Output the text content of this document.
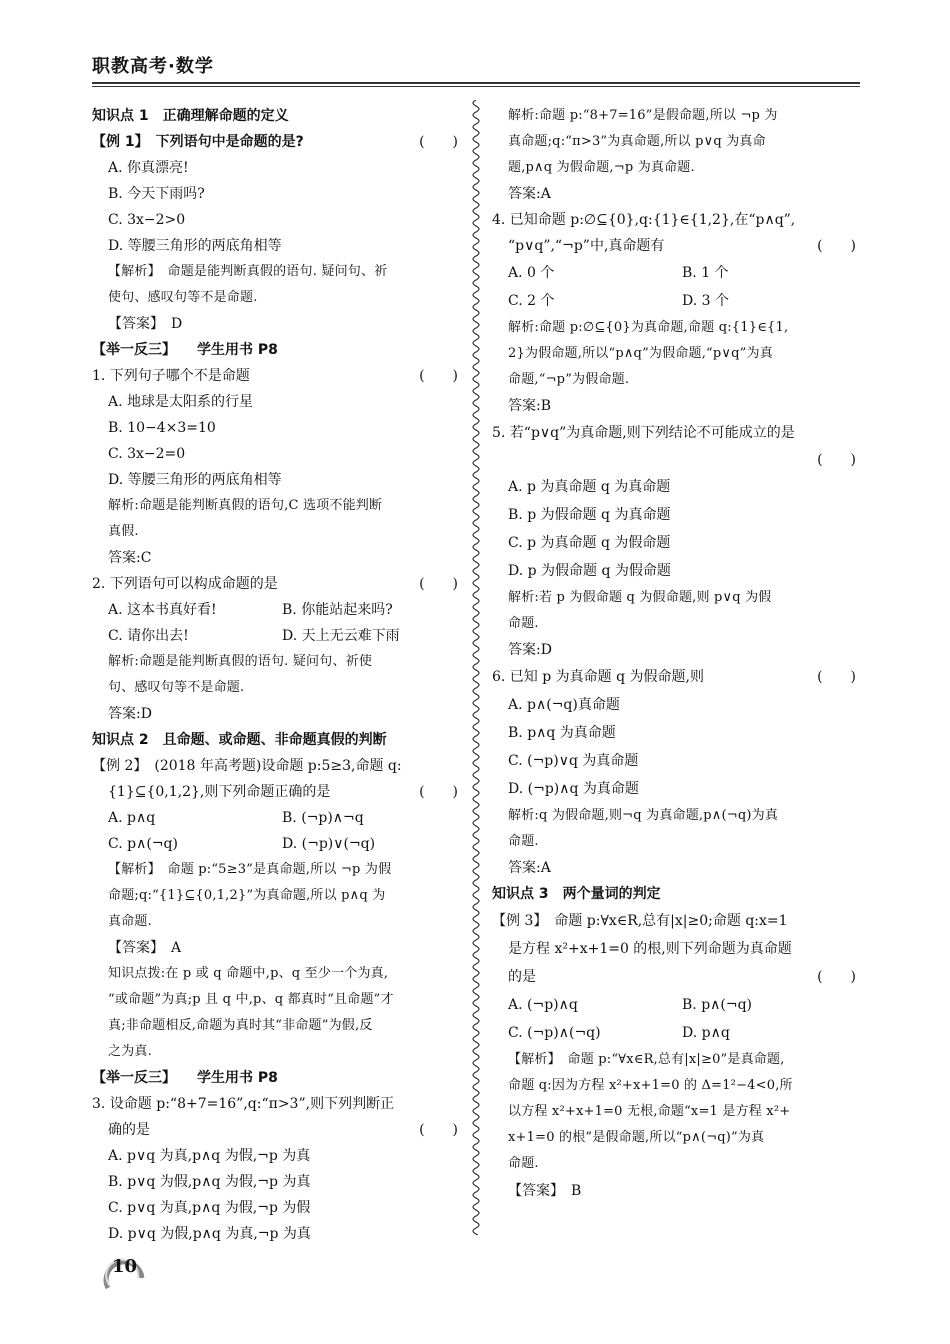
职教高考·数学
知识点 1　正确理解命题的定义
【例 1】　下列语句中是命题的是?	(　　)
A. 你真漂亮!
B. 今天下雨吗?
C. 3x−2>0
D. 等腰三角形的两底角相等
【解析】　命题是能判断真假的语句. 疑问句、祈
使句、感叹句等不是命题.
【答案】　D
【举一反三】　　学生用书 P8
1. 下列句子哪个不是命题	(　　)
A. 地球是太阳系的行星
B. 10−4×3=10
C. 3x−2=0
D. 等腰三角形的两底角相等
解析:命题是能判断真假的语句,C 选项不能判断
真假.
答案:C
2. 下列语句可以构成命题的是	(　　)
A. 这本书真好看!	B. 你能站起来吗?
C. 请你出去!	D. 天上无云难下雨
解析:命题是能判断真假的语句. 疑问句、祈使
句、感叹句等不是命题.
答案:D
知识点 2　且命题、或命题、非命题真假的判断
【例 2】　(2018 年高考题)设命题 p:5≥3,命题 q:
{1}⊆{0,1,2},则下列命题正确的是	(　　)
A. p∧q	B. (¬p)∧¬q
C. p∧(¬q)	D. (¬p)∨(¬q)
【解析】　命题 p:“5≥3”是真命题,所以 ¬p 为假
命题;q:“{1}⊆{0,1,2}”为真命题,所以 p∧q 为
真命题.
【答案】　A
知识点拨:在 p 或 q 命题中,p、q 至少一个为真,
“或命题”为真;p 且 q 中,p、q 都真时“且命题”才
真;非命题相反,命题为真时其“非命题”为假,反
之为真.
【举一反三】　　学生用书 P8
3. 设命题 p:“8+7=16”,q:“π>3”,则下列判断正
确的是	(　　)
A. p∨q 为真,p∧q 为假,¬p 为真
B. p∨q 为假,p∧q 为假,¬p 为真
C. p∨q 为真,p∧q 为假,¬p 为假
D. p∨q 为假,p∧q 为真,¬p 为真
解析:命题 p:“8+7=16”是假命题,所以 ¬p 为
真命题;q:“π>3”为真命题,所以 p∨q 为真命
题,p∧q 为假命题,¬p 为真命题.
答案:A
4. 已知命题 p:∅⊆{0},q:{1}∈{1,2},在“p∧q”,
“p∨q”,“¬p”中,真命题有	(　　)
A. 0 个	B. 1 个
C. 2 个	D. 3 个
解析:命题 p:∅⊆{0}为真命题,命题 q:{1}∈{1,
2}为假命题,所以“p∧q”为假命题,“p∨q”为真
命题,“¬p”为假命题.
答案:B
5. 若“p∨q”为真命题,则下列结论不可能成立的是
(　　)
A. p 为真命题 q 为真命题
B. p 为假命题 q 为真命题
C. p 为真命题 q 为假命题
D. p 为假命题 q 为假命题
解析:若 p 为假命题 q 为假命题,则 p∨q 为假
命题.
答案:D
6. 已知 p 为真命题 q 为假命题,则	(　　)
A. p∧(¬q)真命题
B. p∧q 为真命题
C. (¬p)∨q 为真命题
D. (¬p)∧q 为真命题
解析:q 为假命题,则¬q 为真命题,p∧(¬q)为真
命题.
答案:A
知识点 3　两个量词的判定
【例 3】　命题 p:∀x∈R,总有|x|≥0;命题 q:x=1
是方程 x²+x+1=0 的根,则下列命题为真命题
的是	(　　)
A. (¬p)∧q	B. p∧(¬q)
C. (¬p)∧(¬q)	D. p∧q
【解析】　命题 p:“∀x∈R,总有|x|≥0”是真命题,
命题 q:因为方程 x²+x+1=0 的 Δ=1²−4<0,所
以方程 x²+x+1=0 无根,命题“x=1 是方程 x²+
x+1=0 的根”是假命题,所以“p∧(¬q)”为真
命题.
【答案】　B
10
